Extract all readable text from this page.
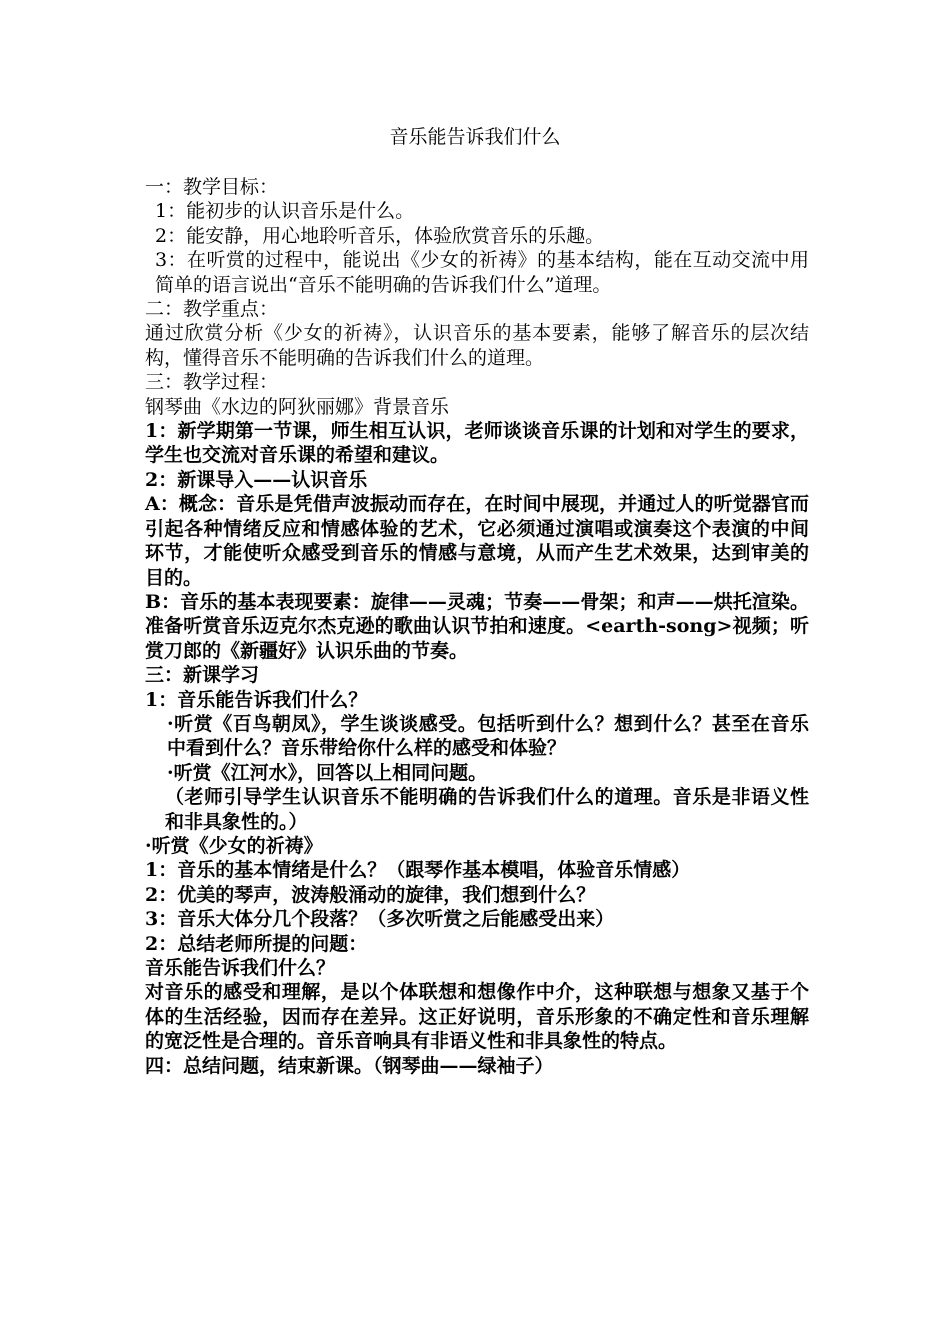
音乐能告诉我们什么

一：教学目标：

1：能初步的认识音乐是什么。

2：能安静，用心地聆听音乐，体验欣赏音乐的乐趣。

3：在听赏的过程中，能说出《少女的祈祷》的基本结构，能在互动交流中用简单的语言说出“音乐不能明确的告诉我们什么”道理。

二：教学重点：

通过欣赏分析《少女的祈祷》，认识音乐的基本要素，能够了解音乐的层次结构，懂得音乐不能明确的告诉我们什么的道理。

三：教学过程：

钢琴曲《水边的阿狄丽娜》背景音乐

1：新学期第一节课，师生相互认识，老师谈谈音乐课的计划和对学生的要求，学生也交流对音乐课的希望和建议。

2：新课导入——认识音乐

A：概念：音乐是凭借声波振动而存在，在时间中展现，并通过人的听觉器官而引起各种情绪反应和情感体验的艺术，它必须通过演唱或演奏这个表演的中间环节，才能使听众感受到音乐的情感与意境，从而产生艺术效果，达到审美的目的。

B：音乐的基本表现要素：旋律——灵魂；节奏——骨架；和声——烘托渲染。准备听赏音乐迈克尔杰克逊的歌曲认识节拍和速度。<earth-song>视频；听赏刀郎的《新疆好》认识乐曲的节奏。

三：新课学习

1：音乐能告诉我们什么？

·听赏《百鸟朝凤》，学生谈谈感受。包括听到什么？想到什么？甚至在音乐中看到什么？音乐带给你什么样的感受和体验？

·听赏《江河水》，回答以上相同问题。

（老师引导学生认识音乐不能明确的告诉我们什么的道理。音乐是非语义性和非具象性的。）

·听赏《少女的祈祷》

1：音乐的基本情绪是什么？（跟琴作基本模唱，体验音乐情感）

2：优美的琴声，波涛般涌动的旋律，我们想到什么？

3：音乐大体分几个段落？（多次听赏之后能感受出来）

2：总结老师所提的问题：

音乐能告诉我们什么？

对音乐的感受和理解，是以个体联想和想像作中介，这种联想与想象又基于个体的生活经验，因而存在差异。这正好说明，音乐形象的不确定性和音乐理解的宽泛性是合理的。音乐音响具有非语义性和非具象性的特点。

四：总结问题，结束新课。（钢琴曲——绿袖子）
